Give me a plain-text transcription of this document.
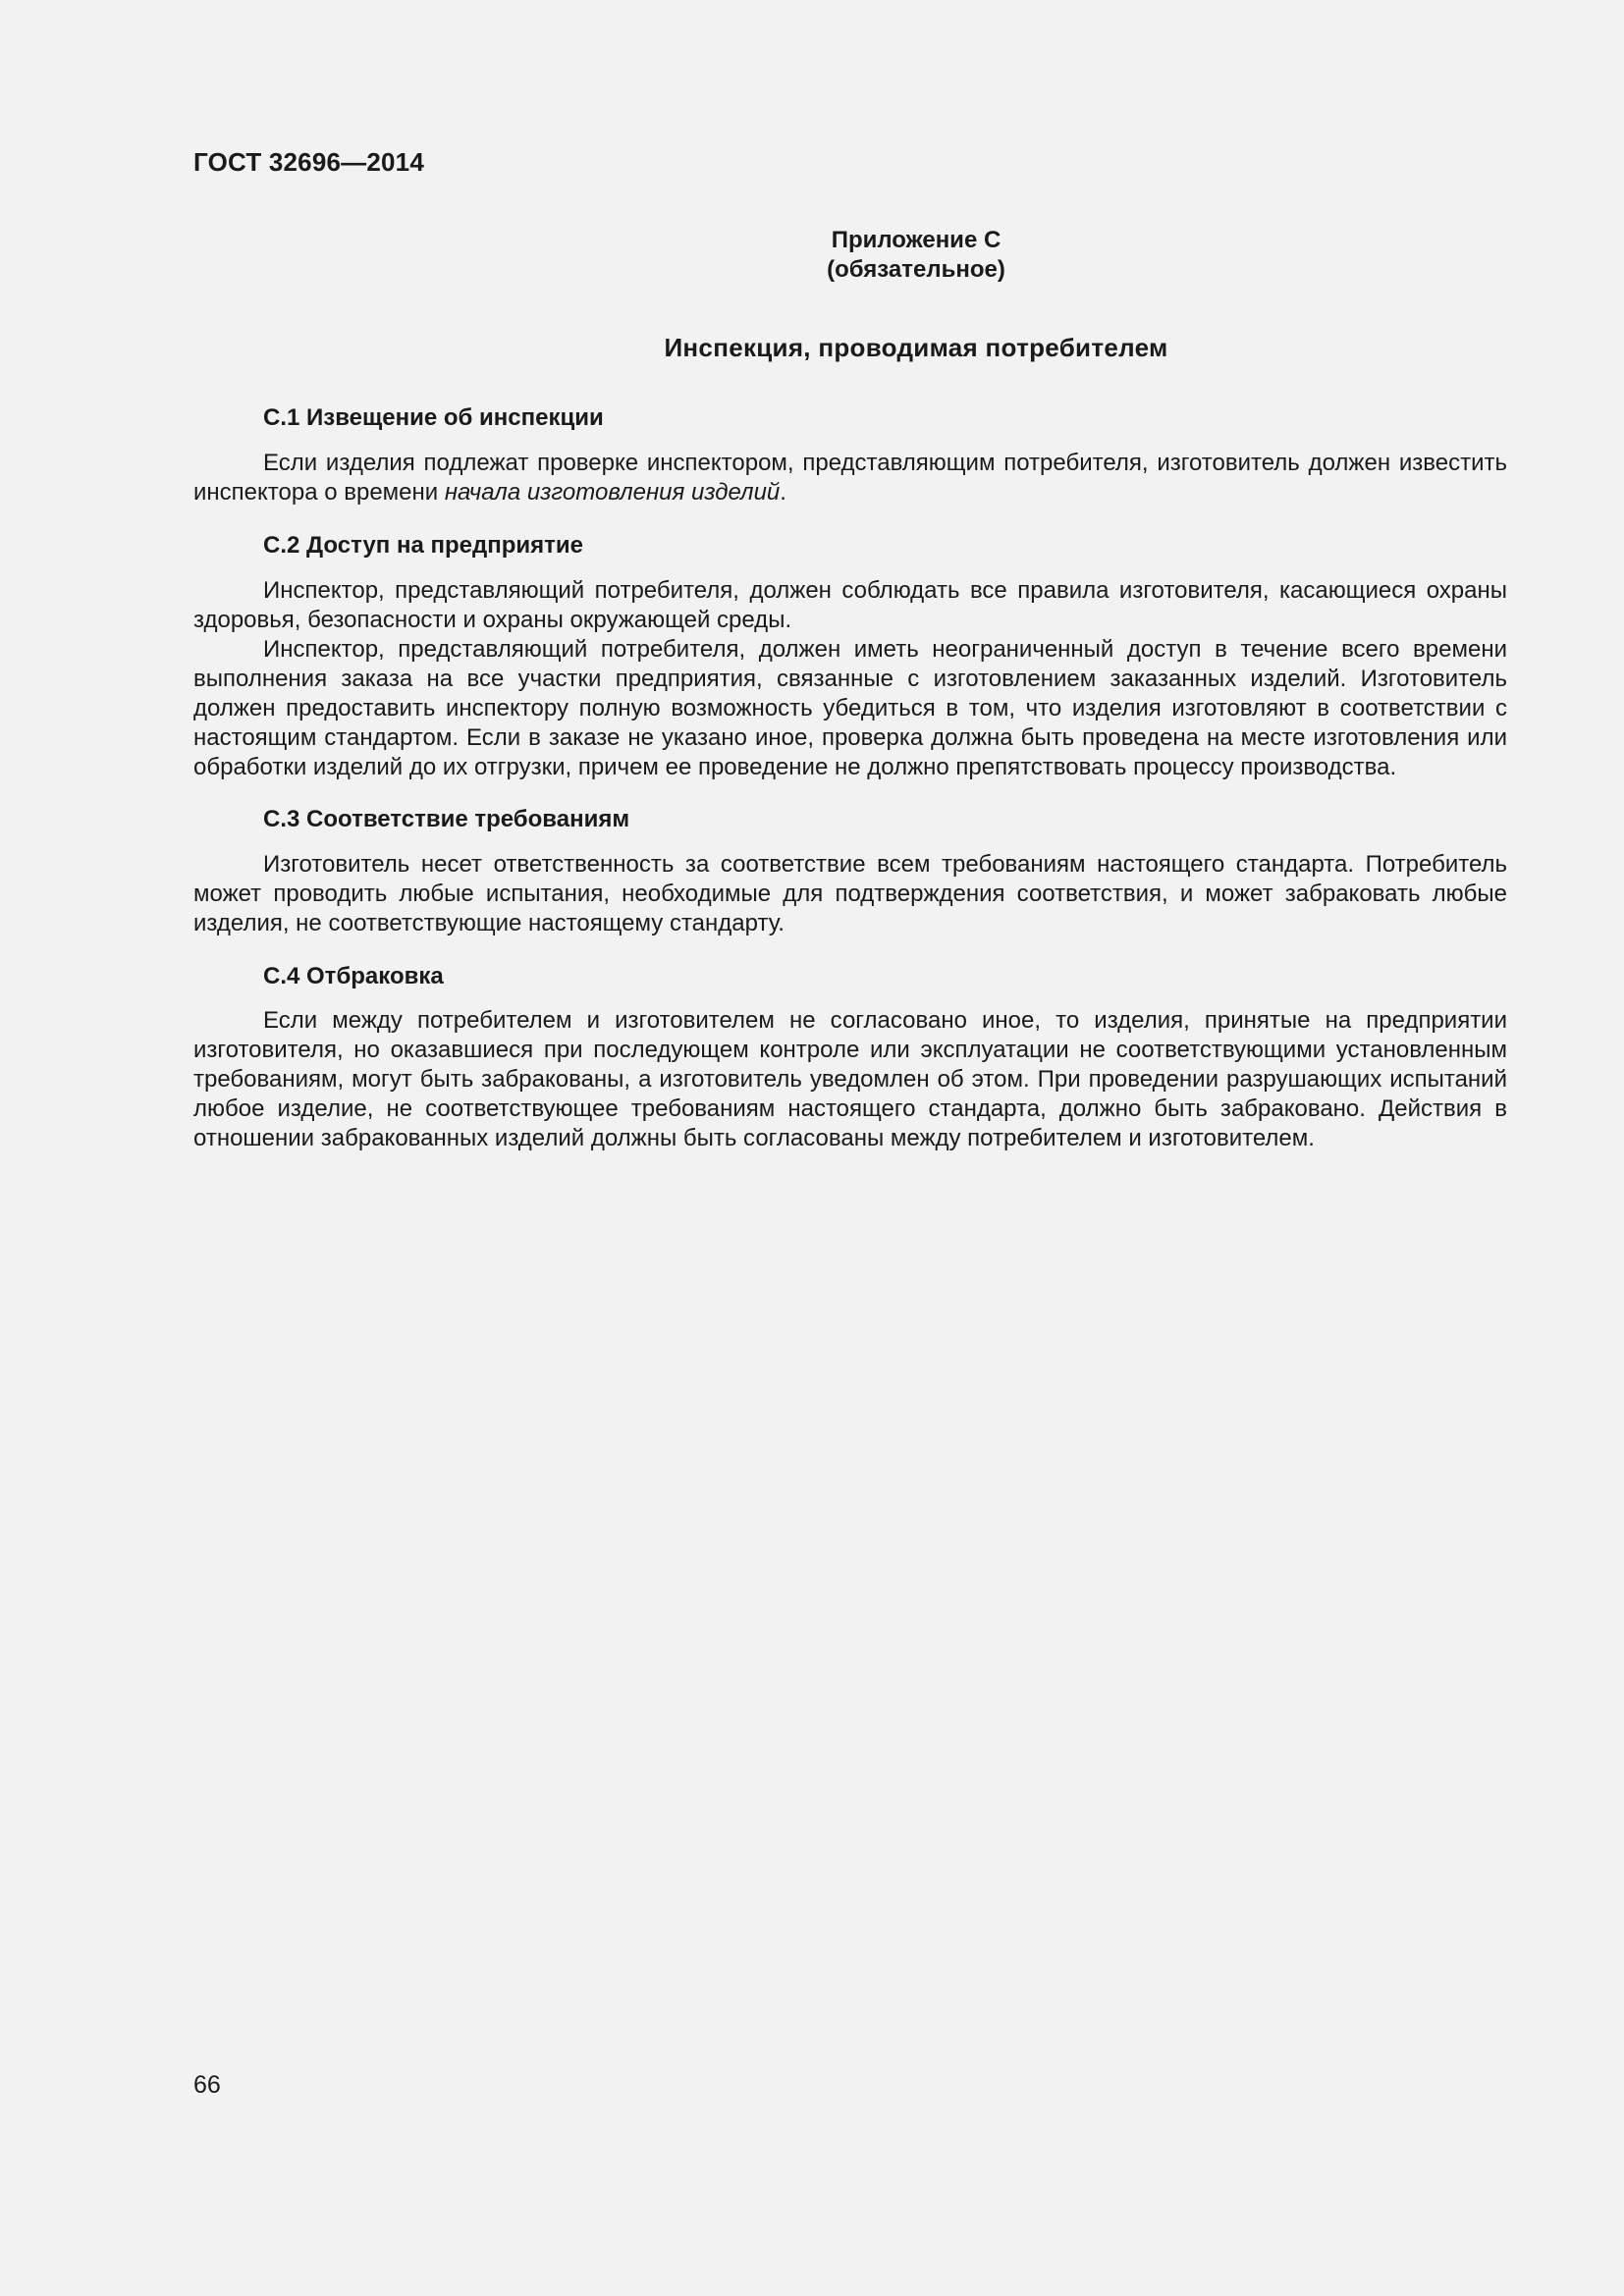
ГОСТ 32696—2014
Приложение С
(обязательное)
Инспекция, проводимая потребителем
С.1 Извещение об инспекции
Если изделия подлежат проверке инспектором, представляющим потребителя, изготовитель должен известить инспектора о времени начала изготовления изделий.
С.2 Доступ на предприятие
Инспектор, представляющий потребителя, должен соблюдать все правила изготовителя, касающиеся охраны здоровья, безопасности и охраны окружающей среды.
Инспектор, представляющий потребителя, должен иметь неограниченный доступ в течение всего времени выполнения заказа на все участки предприятия, связанные с изготовлением заказанных изделий. Изготовитель должен предоставить инспектору полную возможность убедиться в том, что изделия изготовляют в соответствии с настоящим стандартом. Если в заказе не указано иное, проверка должна быть проведена на месте изготовления или обработки изделий до их отгрузки, причем ее проведение не должно препятствовать процессу производства.
С.3 Соответствие требованиям
Изготовитель несет ответственность за соответствие всем требованиям настоящего стандарта. Потребитель может проводить любые испытания, необходимые для подтверждения соответствия, и может забраковать любые изделия, не соответствующие настоящему стандарту.
С.4 Отбраковка
Если между потребителем и изготовителем не согласовано иное, то изделия, принятые на предприятии изготовителя, но оказавшиеся при последующем контроле или эксплуатации не соответствующими установленным требованиям, могут быть забракованы, а изготовитель уведомлен об этом. При проведении разрушающих испытаний любое изделие, не соответствующее требованиям настоящего стандарта, должно быть забраковано. Действия в отношении забракованных изделий должны быть согласованы между потребителем и изготовителем.
66
